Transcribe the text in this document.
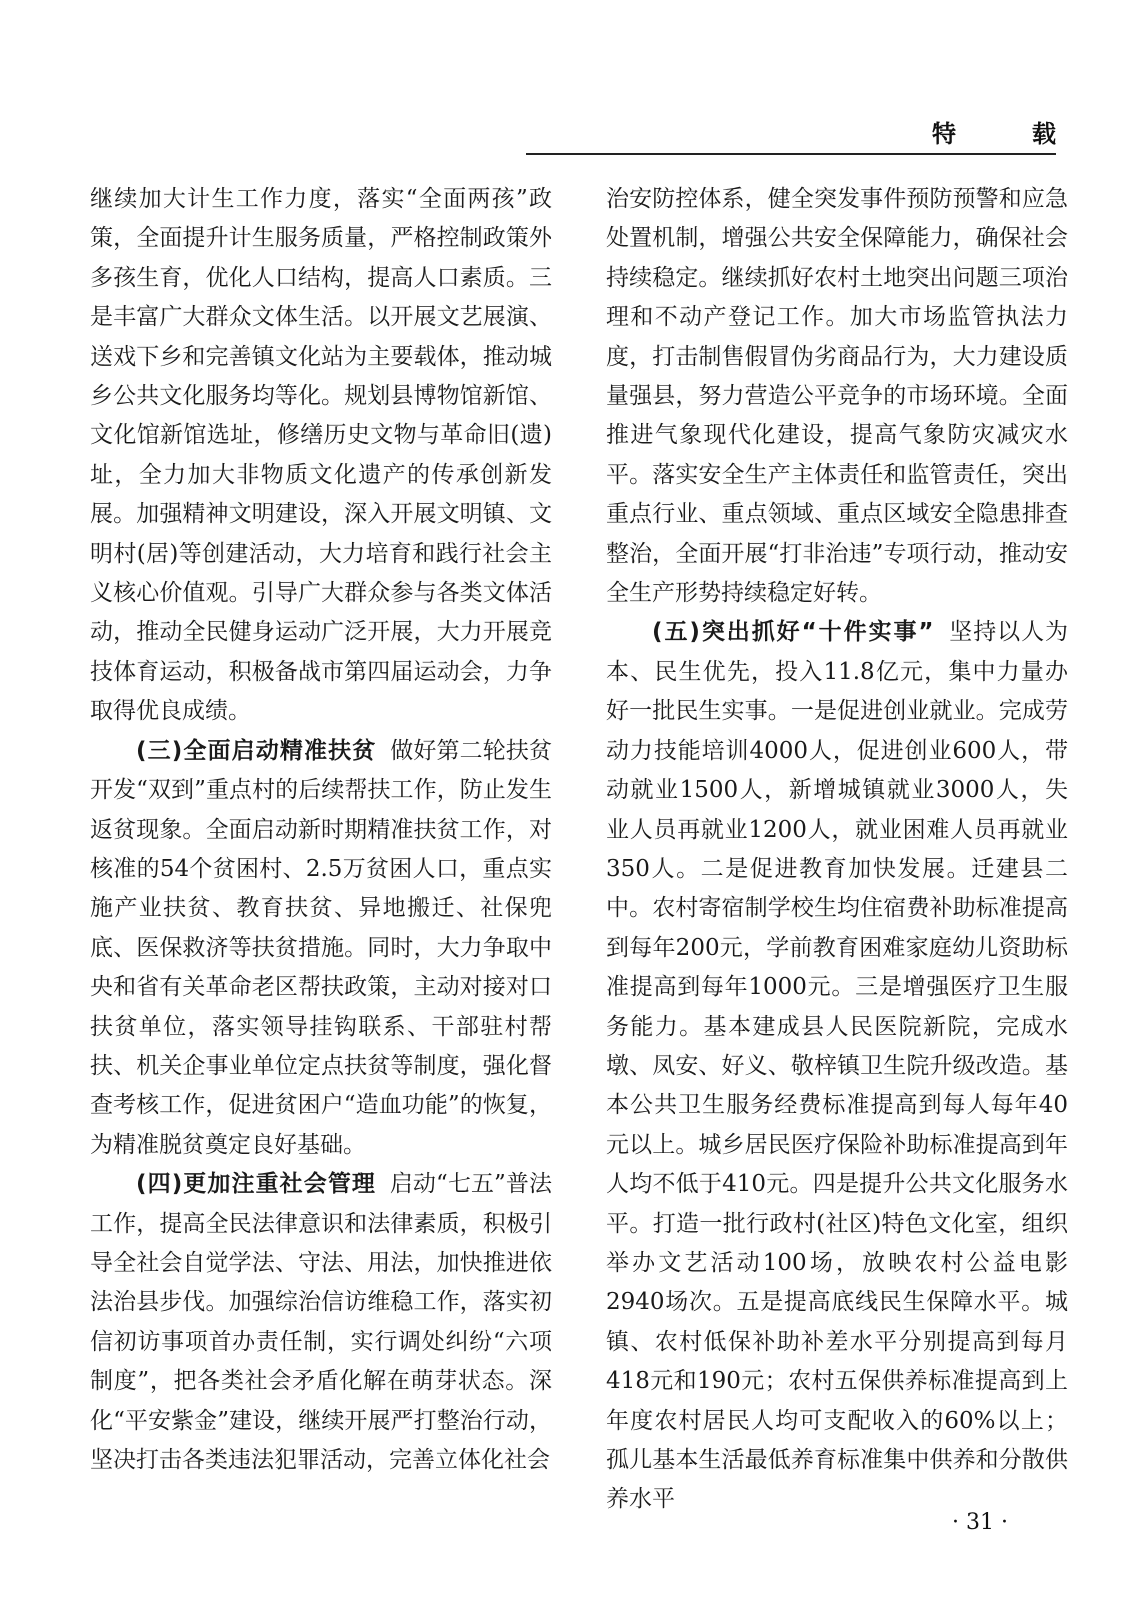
特　载

继续加大计生工作力度，落实“全面两孩”政策，全面提升计生服务质量，严格控制政策外多孩生育，优化人口结构，提高人口素质。三是丰富广大群众文体生活。以开展文艺展演、送戏下乡和完善镇文化站为主要载体，推动城乡公共文化服务均等化。规划县博物馆新馆、文化馆新馆选址，修缮历史文物与革命旧(遗)址，全力加大非物质文化遗产的传承创新发展。加强精神文明建设，深入开展文明镇、文明村(居)等创建活动，大力培育和践行社会主义核心价值观。引导广大群众参与各类文体活动，推动全民健身运动广泛开展，大力开展竞技体育运动，积极备战市第四届运动会，力争取得优良成绩。

(三)全面启动精准扶贫 做好第二轮扶贫开发“双到”重点村的后续帮扶工作，防止发生返贫现象。全面启动新时期精准扶贫工作，对核准的54个贫困村、2.5万贫困人口，重点实施产业扶贫、教育扶贫、异地搬迁、社保兜底、医保救济等扶贫措施。同时，大力争取中央和省有关革命老区帮扶政策，主动对接对口扶贫单位，落实领导挂钩联系、干部驻村帮扶、机关企事业单位定点扶贫等制度，强化督查考核工作，促进贫困户“造血功能”的恢复，为精准脱贫奠定良好基础。

(四)更加注重社会管理 启动“七五”普法工作，提高全民法律意识和法律素质，积极引导全社会自觉学法、守法、用法，加快推进依法治县步伐。加强综治信访维稳工作，落实初信初访事项首办责任制，实行调处纠纷“六项制度”，把各类社会矛盾化解在萌芽状态。深化“平安紫金”建设，继续开展严打整治行动，坚决打击各类违法犯罪活动，完善立体化社会

治安防控体系，健全突发事件预防预警和应急处置机制，增强公共安全保障能力，确保社会持续稳定。继续抓好农村土地突出问题三项治理和不动产登记工作。加大市场监管执法力度，打击制售假冒伪劣商品行为，大力建设质量强县，努力营造公平竞争的市场环境。全面推进气象现代化建设，提高气象防灾减灾水平。落实安全生产主体责任和监管责任，突出重点行业、重点领域、重点区域安全隐患排查整治，全面开展“打非治违”专项行动，推动安全生产形势持续稳定好转。

(五)突出抓好“十件实事” 坚持以人为本、民生优先，投入11.8亿元，集中力量办好一批民生实事。一是促进创业就业。完成劳动力技能培训4000人，促进创业600人，带动就业1500人，新增城镇就业3000人，失业人员再就业1200人，就业困难人员再就业350人。二是促进教育加快发展。迁建县二中。农村寄宿制学校生均住宿费补助标准提高到每年200元，学前教育困难家庭幼儿资助标准提高到每年1000元。三是增强医疗卫生服务能力。基本建成县人民医院新院，完成水墩、凤安、好义、敬梓镇卫生院升级改造。基本公共卫生服务经费标准提高到每人每年40元以上。城乡居民医疗保险补助标准提高到年人均不低于410元。四是提升公共文化服务水平。打造一批行政村(社区)特色文化室，组织举办文艺活动100场，放映农村公益电影2940场次。五是提高底线民生保障水平。城镇、农村低保补助补差水平分别提高到每月418元和190元；农村五保供养标准提高到上年度农村居民人均可支配收入的60%以上；孤儿基本生活最低养育标准集中供养和分散供养水平

· 31 ·
